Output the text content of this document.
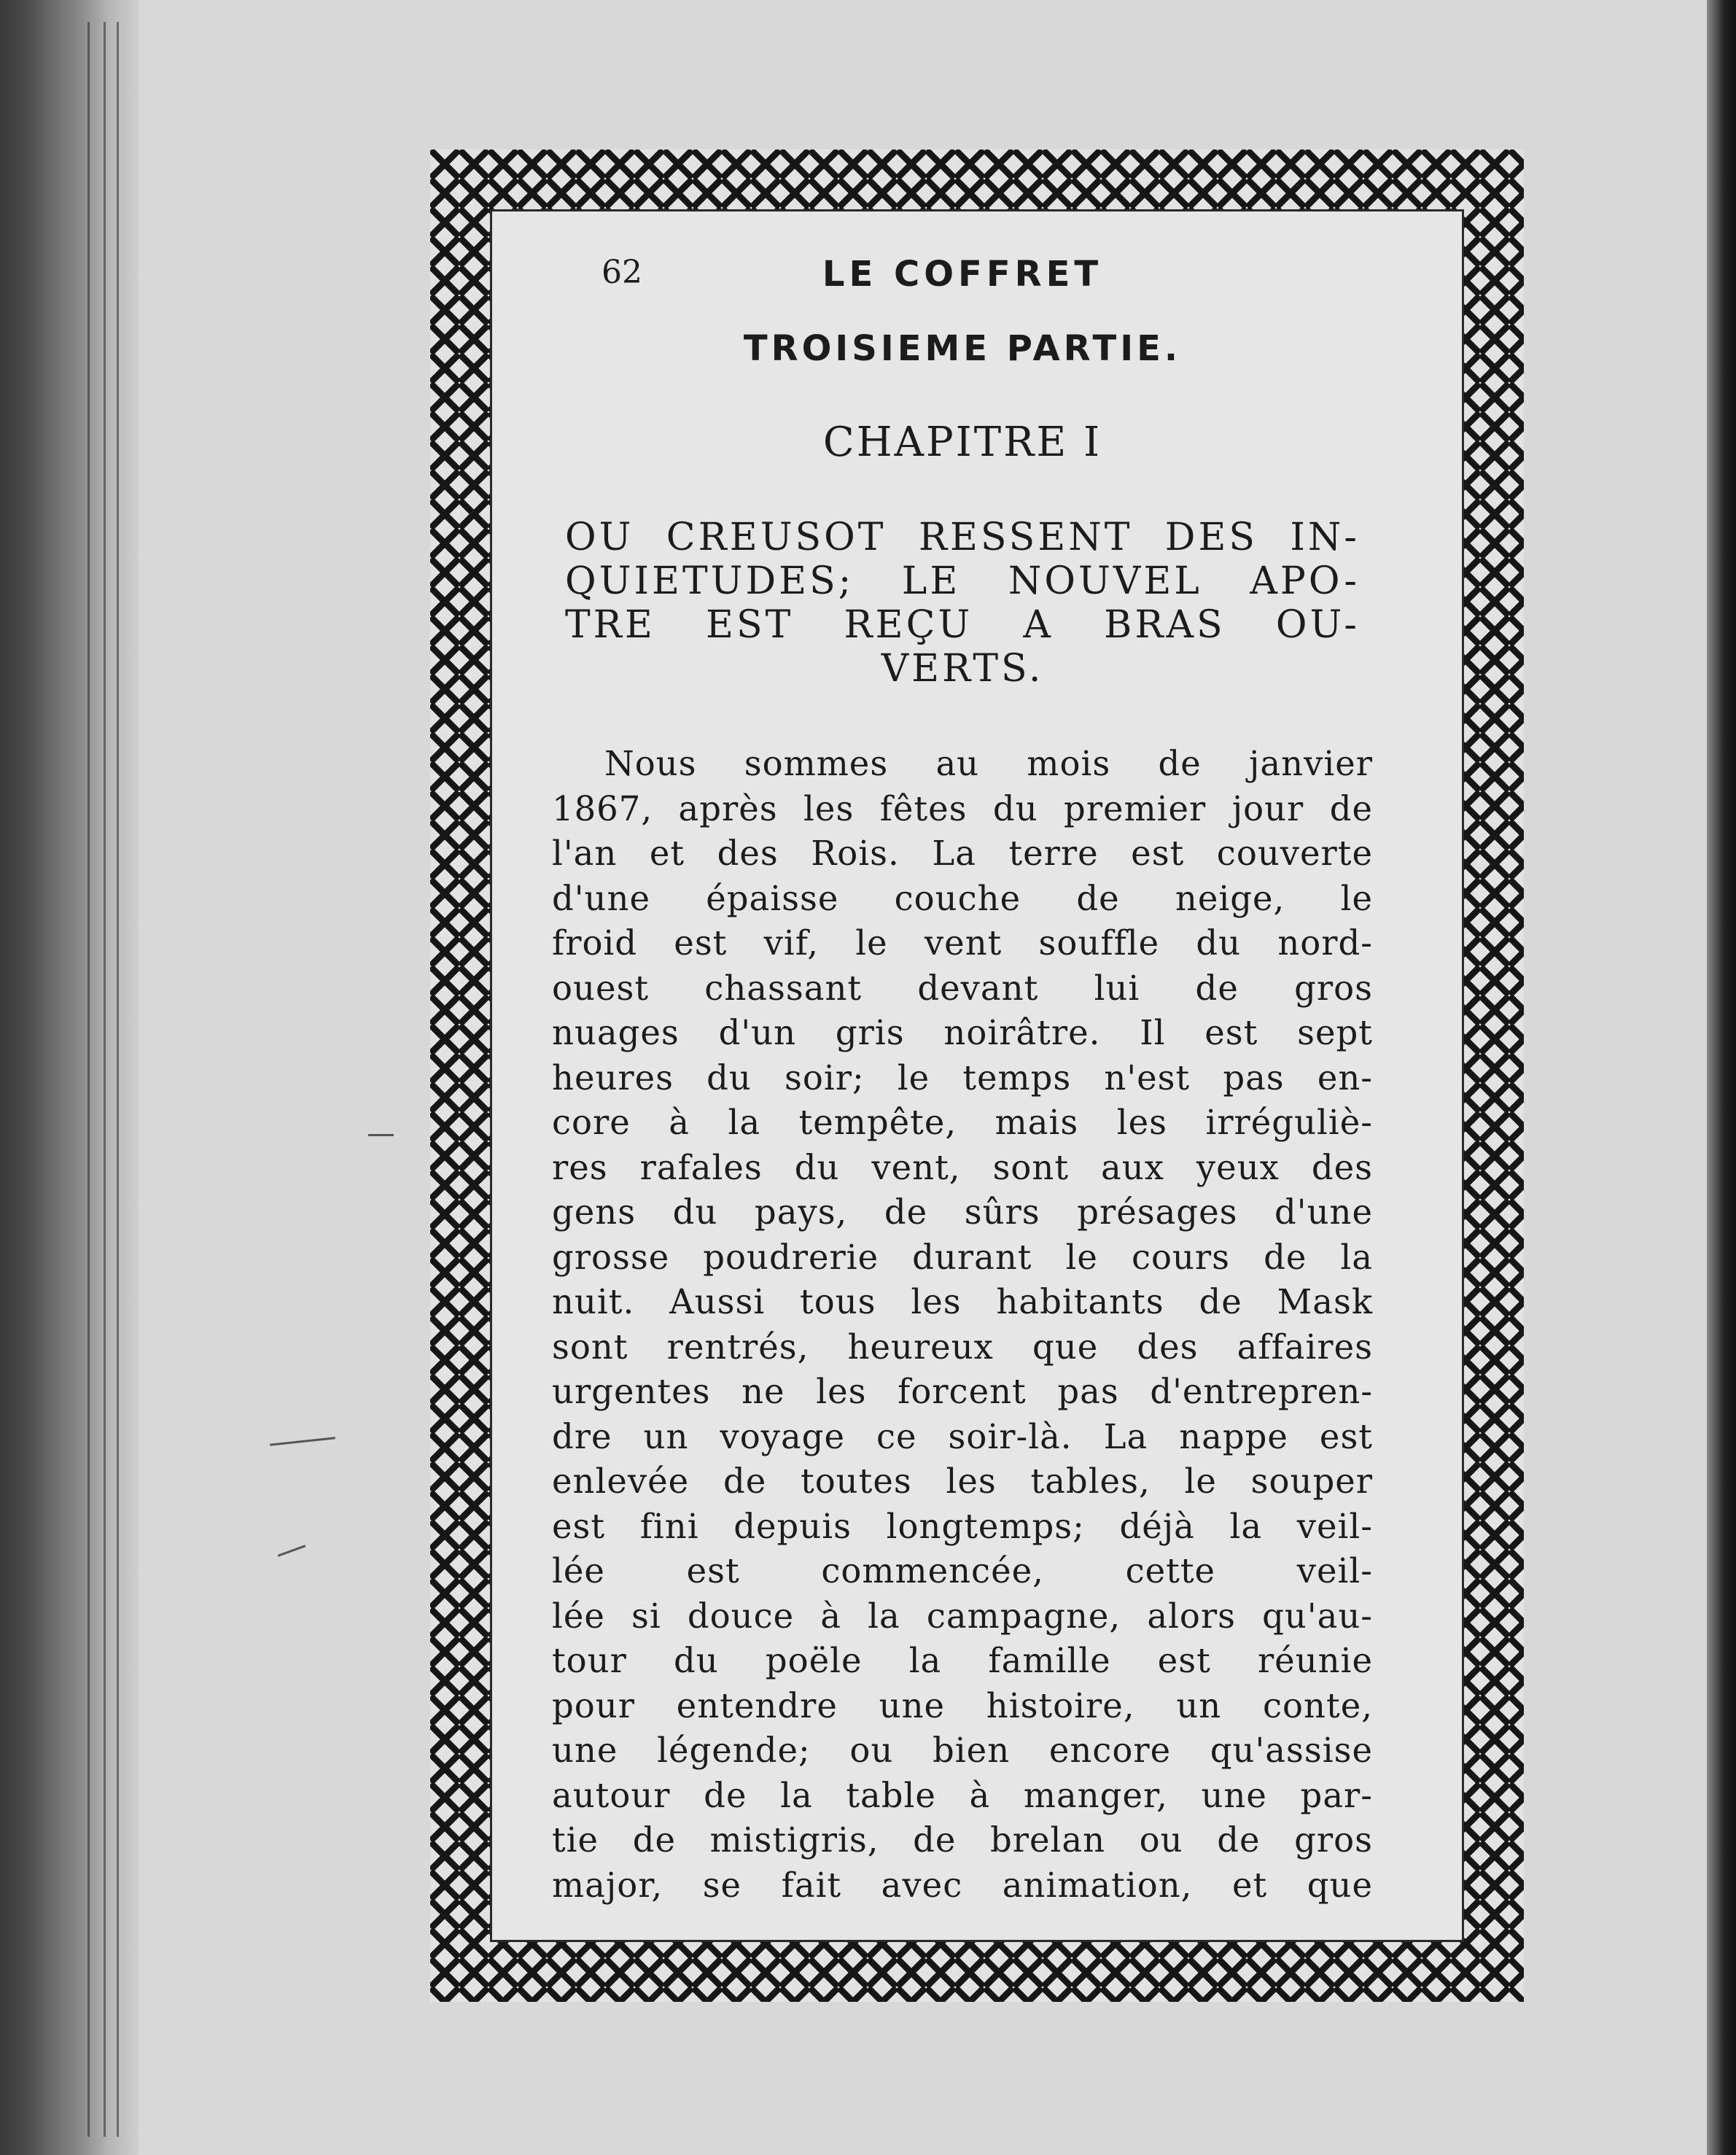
62	LE COFFRET
TROISIEME PARTIE.
CHAPITRE I
OU CREUSOT RESSENT DES IN-
QUIETUDES; LE NOUVEL APO-
TRE EST REÇU A BRAS OU-
VERTS.
Nous sommes au mois de janvier
1867, après les fêtes du premier jour de
l'an et des Rois. La terre est couverte
d'une épaisse couche de neige, le
froid est vif, le vent souffle du nord-
ouest chassant devant lui de gros
nuages d'un gris noirâtre. Il est sept
heures du soir; le temps n'est pas en-
core à la tempête, mais les irréguliè-
res rafales du vent, sont aux yeux des
gens du pays, de sûrs présages d'une
grosse poudrerie durant le cours de la
nuit. Aussi tous les habitants de Mask
sont rentrés, heureux que des affaires
urgentes ne les forcent pas d'entrepren-
dre un voyage ce soir-là. La nappe est
enlevée de toutes les tables, le souper
est fini depuis longtemps; déjà la veil-
lée est commencée, cette veil-
lée si douce à la campagne, alors qu'au-
tour du poële la famille est réunie
pour entendre une histoire, un conte,
une légende; ou bien encore qu'assise
autour de la table à manger, une par-
tie de mistigris, de brelan ou de gros
major, se fait avec animation, et que
